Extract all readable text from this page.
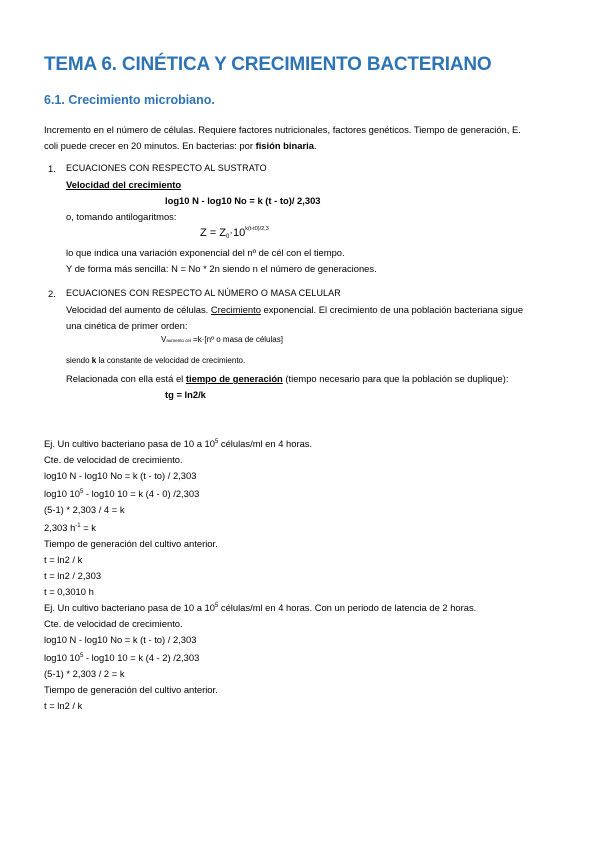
TEMA 6. CINÉTICA Y CRECIMIENTO BACTERIANO
6.1. Crecimiento microbiano.
Incremento en el número de células. Requiere factores nutricionales, factores genéticos. Tiempo de generación, E.
coli puede crecer en 20 minutos. En bacterias: por fisión binaria.
1. ECUACIONES CON RESPECTO AL SUSTRATO
Velocidad del crecimiento
log10 N - log10 No = k (t - to)/ 2,303
o, tomando antilogaritmos:
$Z = Z0\cdot 10^{k(t-t0)/2,3}$
lo que indica una variación exponencial del nº de cél con el tiempo.
Y de forma más sencilla: N = No * 2n siendo n el número de generaciones.
2. ECUACIONES CON RESPECTO AL NÚMERO O MASA CELULAR
Velocidad del aumento de células. Crecimiento exponencial. El crecimiento de una población bacteriana sigue
una cinética de primer orden:
Vaumento cel =k·[nº o masa de células]
siendo k la constante de velocidad de crecimiento.
Relacionada con ella está el tiempo de generación (tiempo necesario para que la población se duplique):
tg = ln2/k
Ej. Un cultivo bacteriano pasa de 10 a $10^5$ células/ml en 4 horas.
Cte. de velocidad de crecimiento.
log10 N - log10 No = k (t - to) / 2,303
log10 $10^5 - \log 10$ 10 = k (4 - 0) /2,303
(5-1) * 2,303 / 4 = k
2,303 $h^{-1} = k$
Tiempo de generación del cultivo anterior.
t = ln2 / k
t = ln2 / 2,303
t = 0,3010 h
Ej. Un cultivo bacteriano pasa de 10 a $10^5$ células/ml en 4 horas. Con un periodo de latencia de 2 horas.
Cte. de velocidad de crecimiento.
log10 N - log10 No = k (t - to) / 2,303
log10 $10^5 - \log 10$ 10 = k (4 - 2) /2,303
(5-1) * 2,303 / 2 = k
Tiempo de generación del cultivo anterior.
t = ln2 / k
